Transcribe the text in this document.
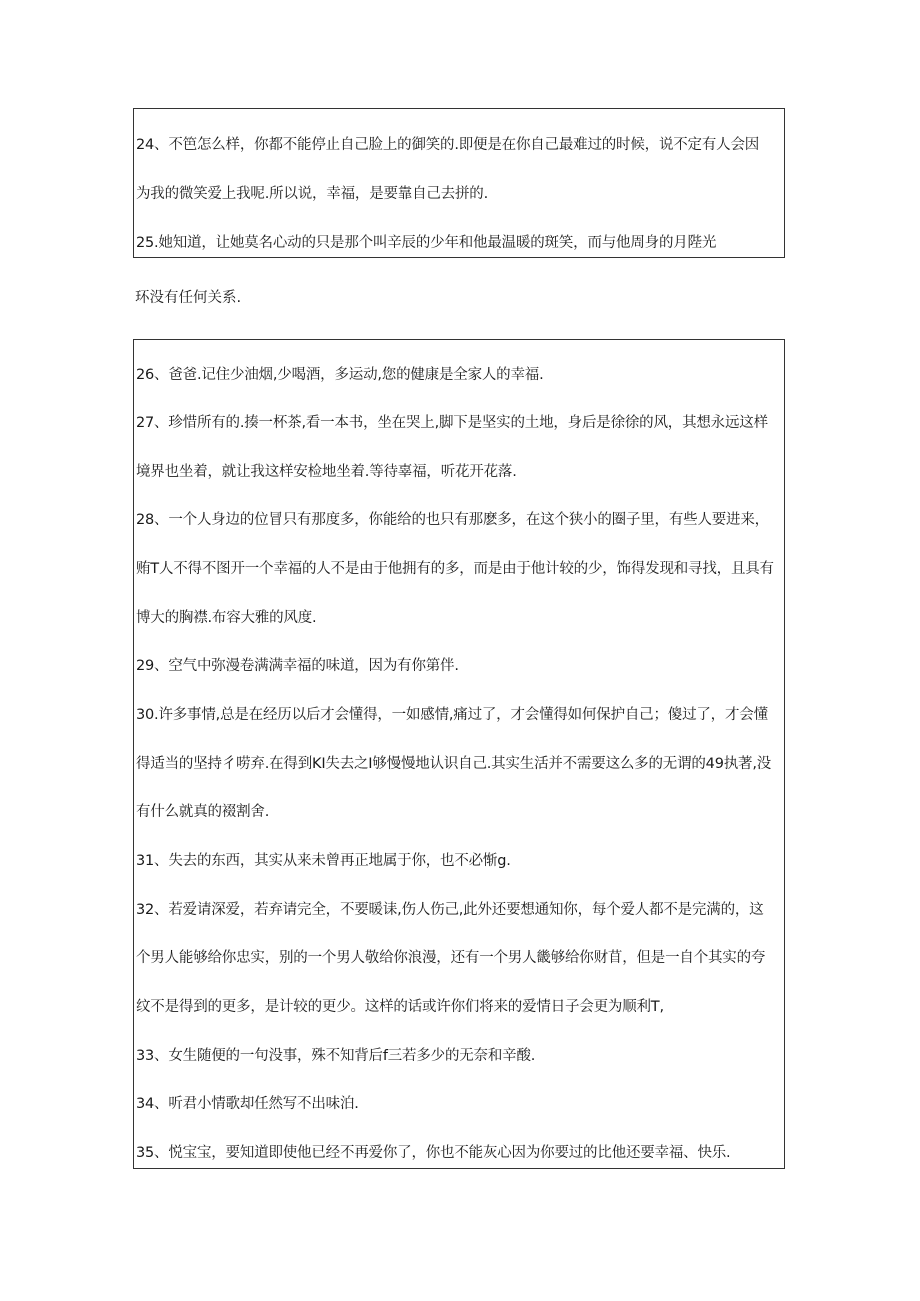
24、不笆怎么样，你都不能停止自己脸上的御笑的.即便是在你自己最难过的时候，说不定有人会因
为我的微笑爱上我呢.所以说，幸福，是要靠自己去拼的.
25.她知道，让她莫名心动的只是那个叫辛辰的少年和他最温暖的斑笑，而与他周身的月陛光
环没有任何关系.
26、爸爸.记住少油烟,少喝酒，多运动,您的健康是全家人的幸福.
27、珍惜所有的.揍一杯茶,看一本书，坐在哭上,脚下是坚实的土地，身后是徐徐的风，其想永远这样
境界也坐着，就让我这样安检地坐着.等待辜福，听花开花落.
28、一个人身边的位冒只有那度多，你能给的也只有那麽多，在这个狭小的圈子里，有些人要进来，
贿T人不得不图开一个幸福的人不是由于他拥有的多，而是由于他计较的少，饰得发现和寻找，且具有
博大的胸襟.布容大雅的风度.
29、空气中弥漫卷满满幸福的味道，因为有你第伴.
30.许多事情,总是在经历以后才会懂得，一如感情,痛过了，才会懂得如何保护自己；傻过了，才会懂
得适当的坚持彳唠弃.在得到KI失去之I够慢慢地认识自己.其实生活并不需要这么多的无谓的49执著,没
有什么就真的裰割舍.
31、失去的东西，其实从来未曾再正地属于你，也不必惭g.
32、若爱请深爱，若弃请完全，不要暖诔,伤人伤己,此外还要想通知你，每个爱人都不是完满的，这
个男人能够给你忠实，别的一个男人敬给你浪漫，还有一个男人畿够给你财苜，但是一自个其实的夸
纹不是得到的更多，是计较的更少。这样的话或许你们将来的爱情日子会更为顺利T,
33、女生随便的一句没事，殊不知背后f三若多少的无奈和辛酸.
34、听君小情歌却任然写不出味泊.
35、悦宝宝，要知道即使他已经不再爱你了，你也不能灰心因为你要过的比他还要幸福、快乐.
